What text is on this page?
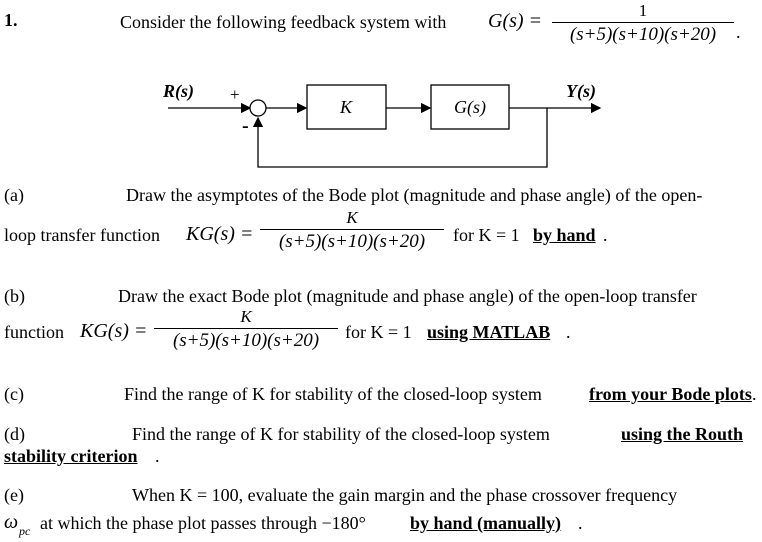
1.	Consider the following feedback system with G(s) =	1
(s+5)(s+10)(s+20)	.
R(s) +
-
Y(s)
K	G(s)
(a)	Draw the asymptotes of the Bode plot (magnitude and phase angle) of the open-
loop transfer function KG(s) =
K
(s+5)(s+10)(s+20)	for K = 1 by hand .
(b)	Draw the exact Bode plot (magnitude and phase angle) of the open-loop transfer
function KG(s) =
K
(s+5)(s+10)(s+20)	for K = 1 using MATLAB .
(c)	Find the range of K for stability of the closed-loop system	from your Bode plots .
(d)	Find the range of K for stability of the closed-loop system	using the Routh
stability criterion .
(e)	When K = 100, evaluate the gain margin and the phase crossover frequency
ω pc at which the phase plot passes through −180° by hand (manually) .
